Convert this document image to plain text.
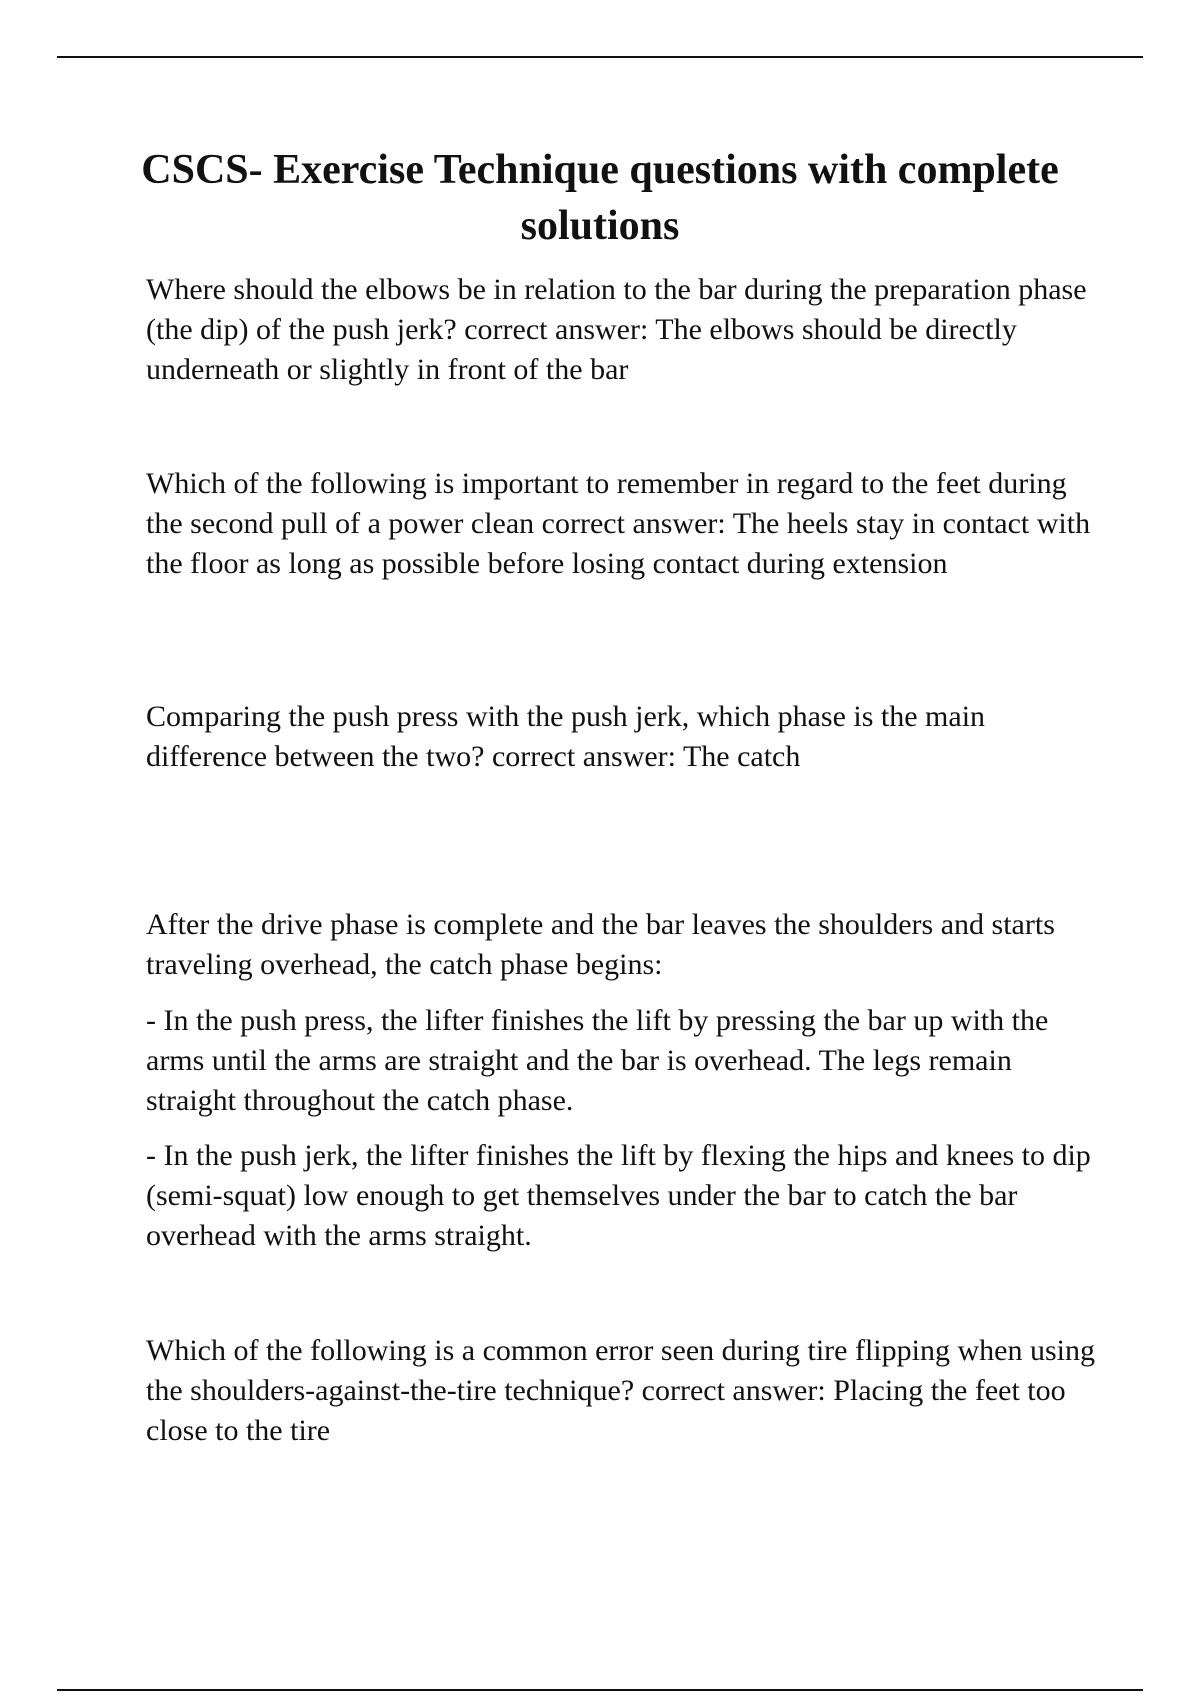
CSCS- Exercise Technique questions with complete solutions

Where should the elbows be in relation to the bar during the preparation phase (the dip) of the push jerk? correct answer: The elbows should be directly underneath or slightly in front of the bar

Which of the following is important to remember in regard to the feet during the second pull of a power clean correct answer: The heels stay in contact with the floor as long as possible before losing contact during extension

Comparing the push press with the push jerk, which phase is the main difference between the two? correct answer: The catch

After the drive phase is complete and the bar leaves the shoulders and starts traveling overhead, the catch phase begins:

- In the push press, the lifter finishes the lift by pressing the bar up with the arms until the arms are straight and the bar is overhead. The legs remain straight throughout the catch phase.

- In the push jerk, the lifter finishes the lift by flexing the hips and knees to dip (semi-squat) low enough to get themselves under the bar to catch the bar overhead with the arms straight.

Which of the following is a common error seen during tire flipping when using the shoulders-against-the-tire technique? correct answer: Placing the feet too close to the tire
